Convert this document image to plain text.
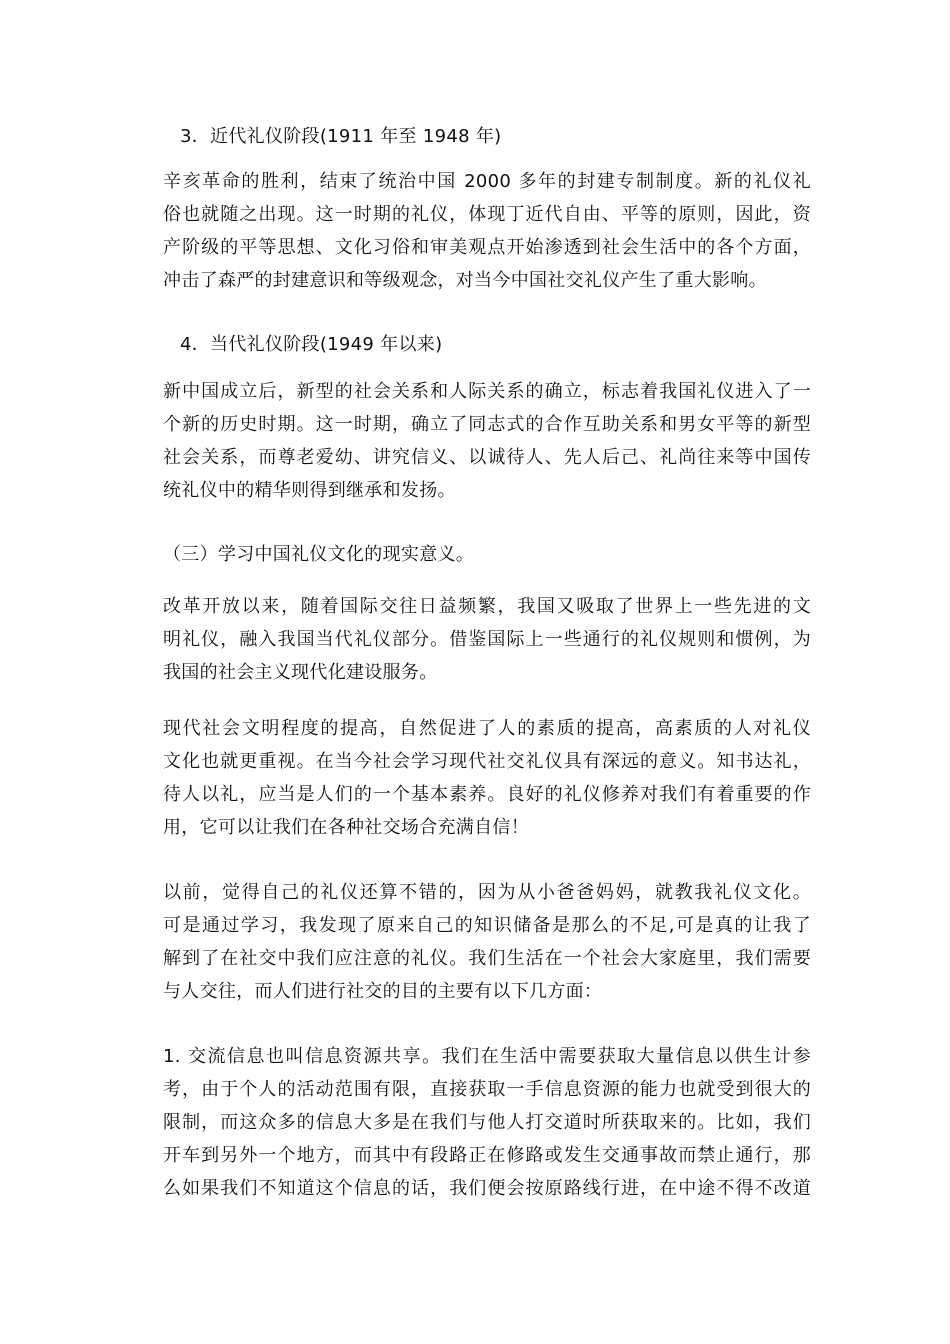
3．近代礼仪阶段(1911 年至 1948 年)
辛亥革命的胜利，结束了统治中国 2000 多年的封建专制制度。新的礼仪礼
俗也就随之出现。这一时期的礼仪，体现丁近代自由、平等的原则，因此，资
产阶级的平等思想、文化习俗和审美观点开始渗透到社会生活中的各个方面，
冲击了森严的封建意识和等级观念，对当今中国社交礼仪产生了重大影响。
4．当代礼仪阶段(1949 年以来)
新中国成立后，新型的社会关系和人际关系的确立，标志着我国礼仪进入了一
个新的历史时期。这一时期，确立了同志式的合作互助关系和男女平等的新型
社会关系，而尊老爱幼、讲究信义、以诚待人、先人后己、礼尚往来等中国传
统礼仪中的精华则得到继承和发扬。
（三）学习中国礼仪文化的现实意义。
改革开放以来，随着国际交往日益频繁，我国又吸取了世界上一些先进的文
明礼仪，融入我国当代礼仪部分。借鉴国际上一些通行的礼仪规则和惯例，为
我国的社会主义现代化建设服务。
现代社会文明程度的提高，自然促进了人的素质的提高，高素质的人对礼仪
文化也就更重视。在当今社会学习现代社交礼仪具有深远的意义。知书达礼，
待人以礼，应当是人们的一个基本素养。良好的礼仪修养对我们有着重要的作
用，它可以让我们在各种社交场合充满自信！
以前，觉得自己的礼仪还算不错的，因为从小爸爸妈妈，就教我礼仪文化。
可是通过学习，我发现了原来自己的知识储备是那么的不足,可是真的让我了
解到了在社交中我们应注意的礼仪。我们生活在一个社会大家庭里，我们需要
与人交往，而人们进行社交的目的主要有以下几方面：
1. 交流信息也叫信息资源共享。我们在生活中需要获取大量信息以供生计参
考，由于个人的活动范围有限，直接获取一手信息资源的能力也就受到很大的
限制，而这众多的信息大多是在我们与他人打交道时所获取来的。比如，我们
开车到另外一个地方，而其中有段路正在修路或发生交通事故而禁止通行，那
么如果我们不知道这个信息的话，我们便会按原路线行进，在中途不得不改道
